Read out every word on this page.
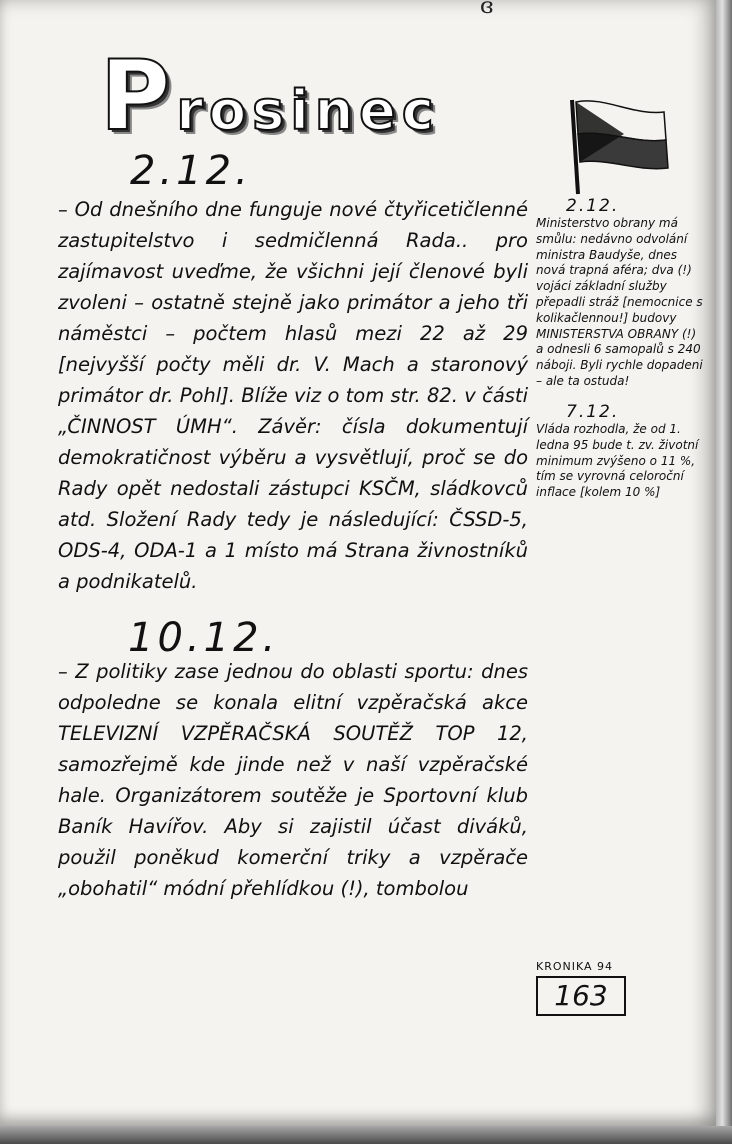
ɞ
Prosinec
2.12.

– Od dnešního dne funguje nové čtyřicetičlenné zastupitelstvo i sedmičlenná Rada.. pro zajímavost uveďme, že všichni její členové byli zvoleni – ostatně stejně jako primátor a jeho tři náměstci – počtem hlasů mezi 22 až 29 [nejvyšší počty měli dr. V. Mach a staronový primátor dr. Pohl]. Blíže viz o tom str. 82. v části „ČINNOST ÚMH“. Závěr: čísla dokumentují demokratičnost výběru a vysvětlují, proč se do Rady opět nedostali zástupci KSČM, sládkovců atd. Složení Rady tedy je následující: ČSSD-5, ODS-4, ODA-1 a 1 místo má Strana živnostníků a podnikatelů.

10.12.

– Z politiky zase jednou do oblasti sportu: dnes odpoledne se konala elitní vzpěračská akce TELEVIZNÍ VZPĚRAČSKÁ SOUTĚŽ TOP 12, samozřejmě kde jinde než v naší vzpěračské hale. Organizátorem soutěže je Sportovní klub Baník Havířov. Aby si zajistil účast diváků, použil poněkud komerční triky a vzpěrače „obohatil“ módní přehlídkou (!), tombolou

2.12.

Ministerstvo obrany má smůlu: nedávno odvolání ministra Baudyše, dnes nová trapná aféra; dva (!) vojáci základní služby přepadli stráž [nemocnice s kolikačlennou!] budovy MINISTERSTVA OBRANY (!) a odnesli 6 samopalů s 240 náboji. Byli rychle dopadeni – ale ta ostuda!

7.12.

Vláda rozhodla, že od 1. ledna 95 bude t. zv. životní minimum zvýšeno o 11 %, tím se vyrovná celoroční inflace [kolem 10 %]

KRONIKA 94
163
